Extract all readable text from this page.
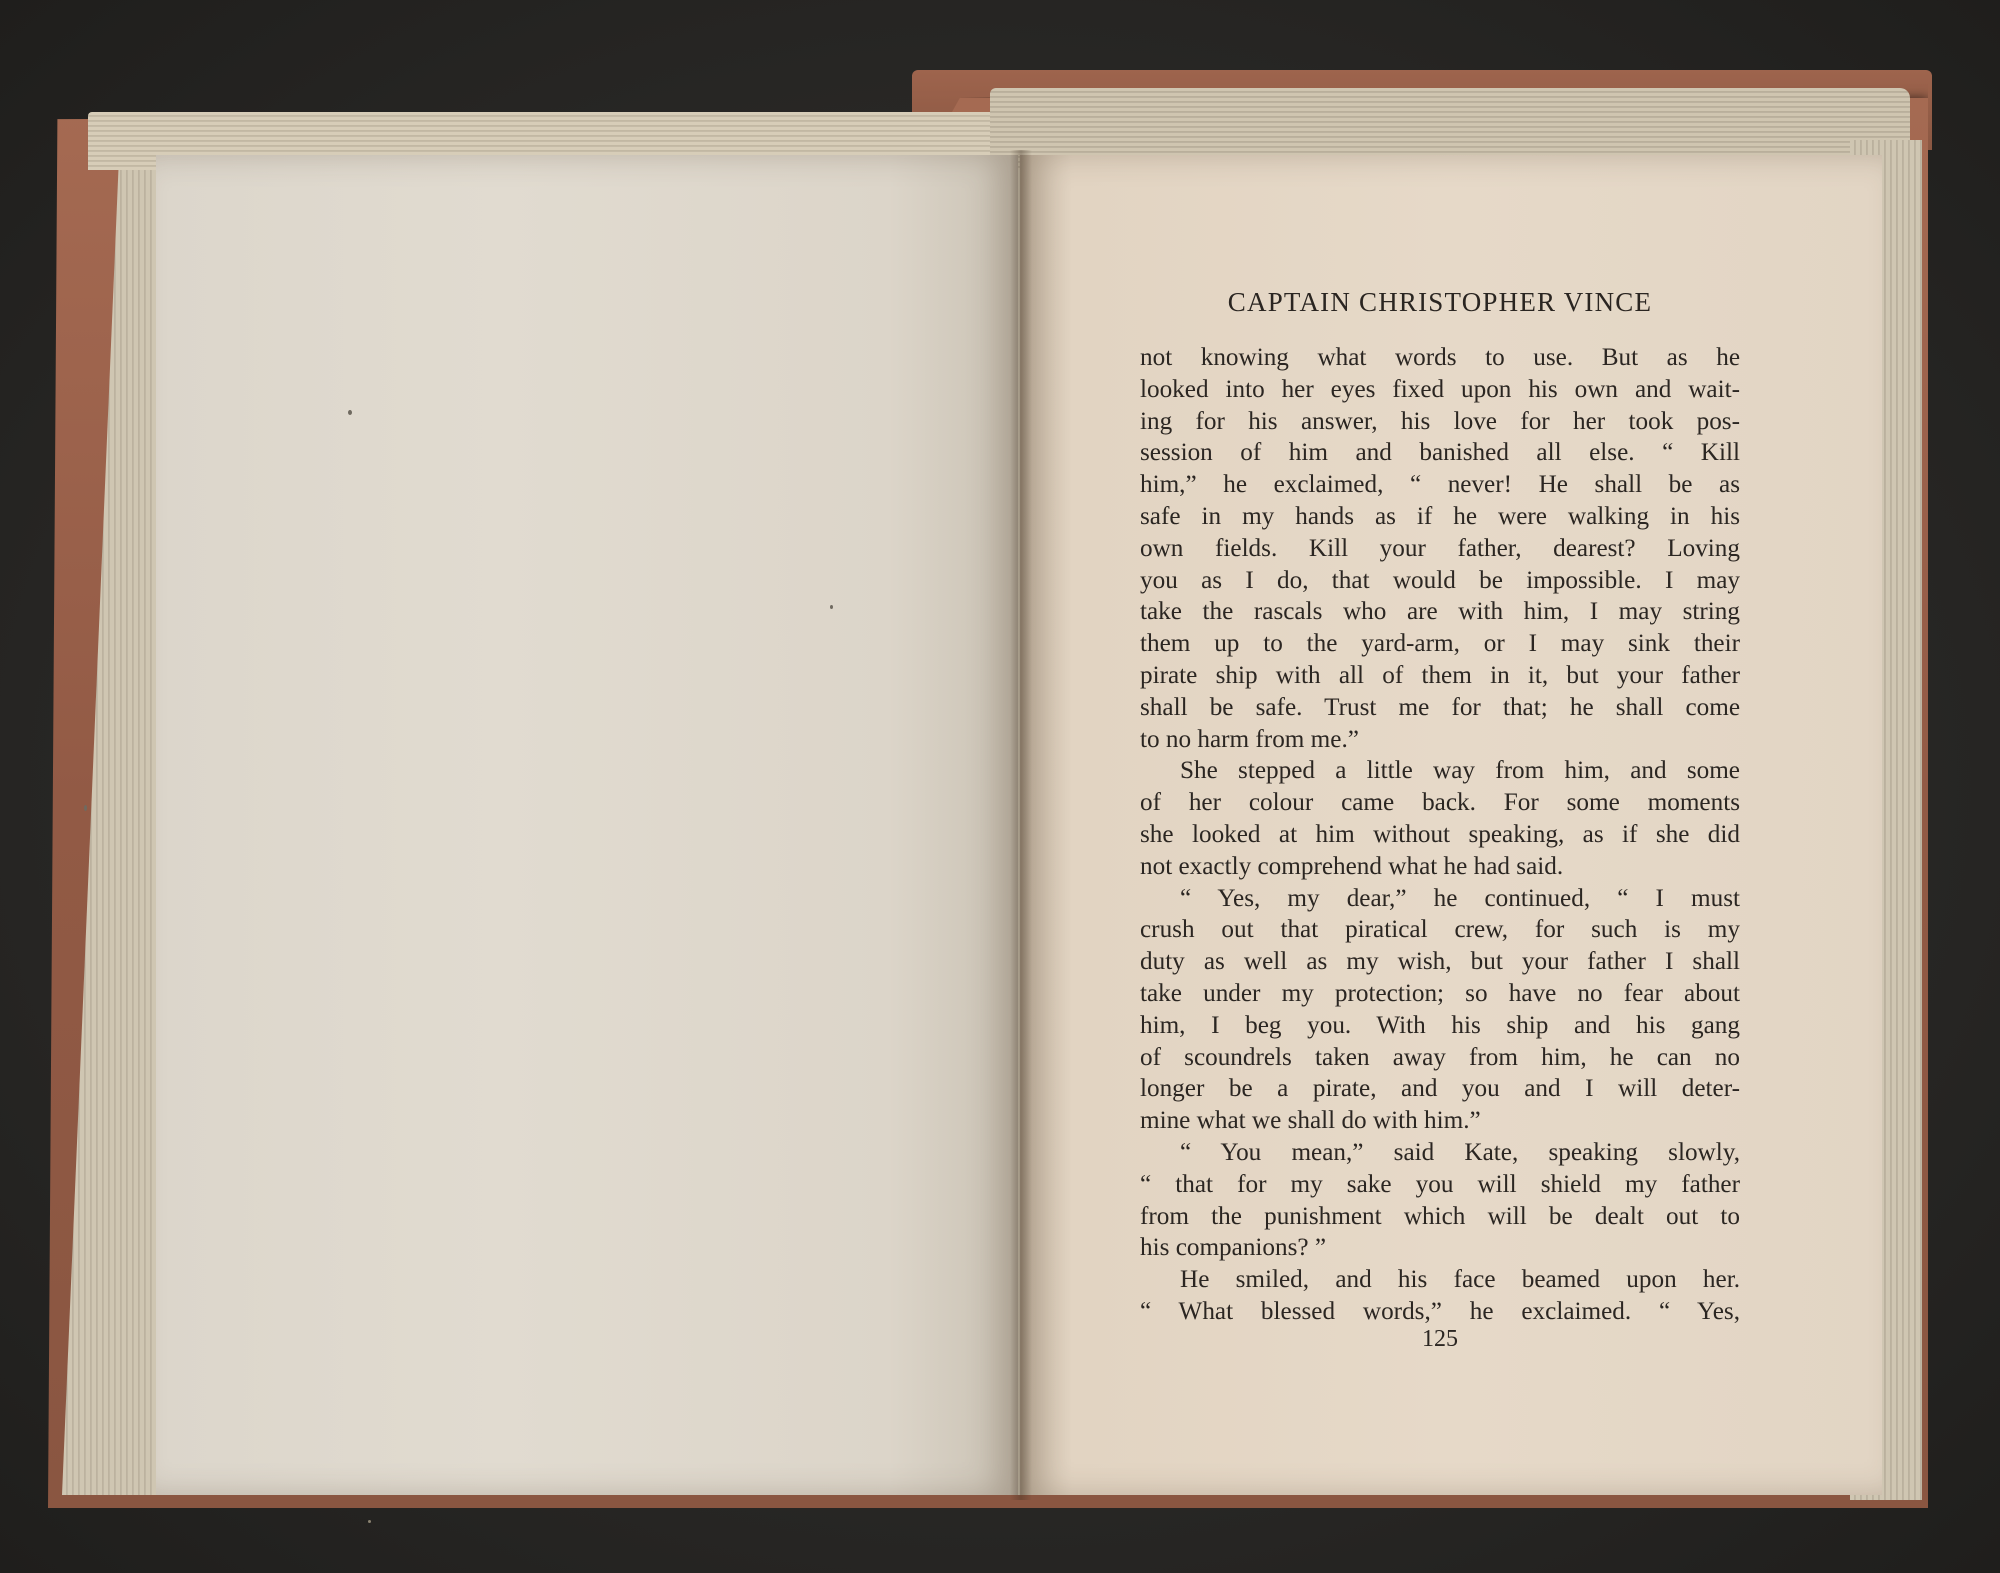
CAPTAIN CHRISTOPHER VINCE
not knowing what words to use. But as he
looked into her eyes fixed upon his own and wait-
ing for his answer, his love for her took pos-
session of him and banished all else. “ Kill
him,” he exclaimed, “ never! He shall be as
safe in my hands as if he were walking in his
own fields. Kill your father, dearest? Loving
you as I do, that would be impossible. I may
take the rascals who are with him, I may string
them up to the yard-arm, or I may sink their
pirate ship with all of them in it, but your father
shall be safe. Trust me for that; he shall come
to no harm from me.”
She stepped a little way from him, and some
of her colour came back. For some moments
she looked at him without speaking, as if she did
not exactly comprehend what he had said.
“ Yes, my dear,” he continued, “ I must
crush out that piratical crew, for such is my
duty as well as my wish, but your father I shall
take under my protection; so have no fear about
him, I beg you. With his ship and his gang
of scoundrels taken away from him, he can no
longer be a pirate, and you and I will deter-
mine what we shall do with him.”
“ You mean,” said Kate, speaking slowly,
“ that for my sake you will shield my father
from the punishment which will be dealt out to
his companions? ”
He smiled, and his face beamed upon her.
“ What blessed words,” he exclaimed. “ Yes,
125
